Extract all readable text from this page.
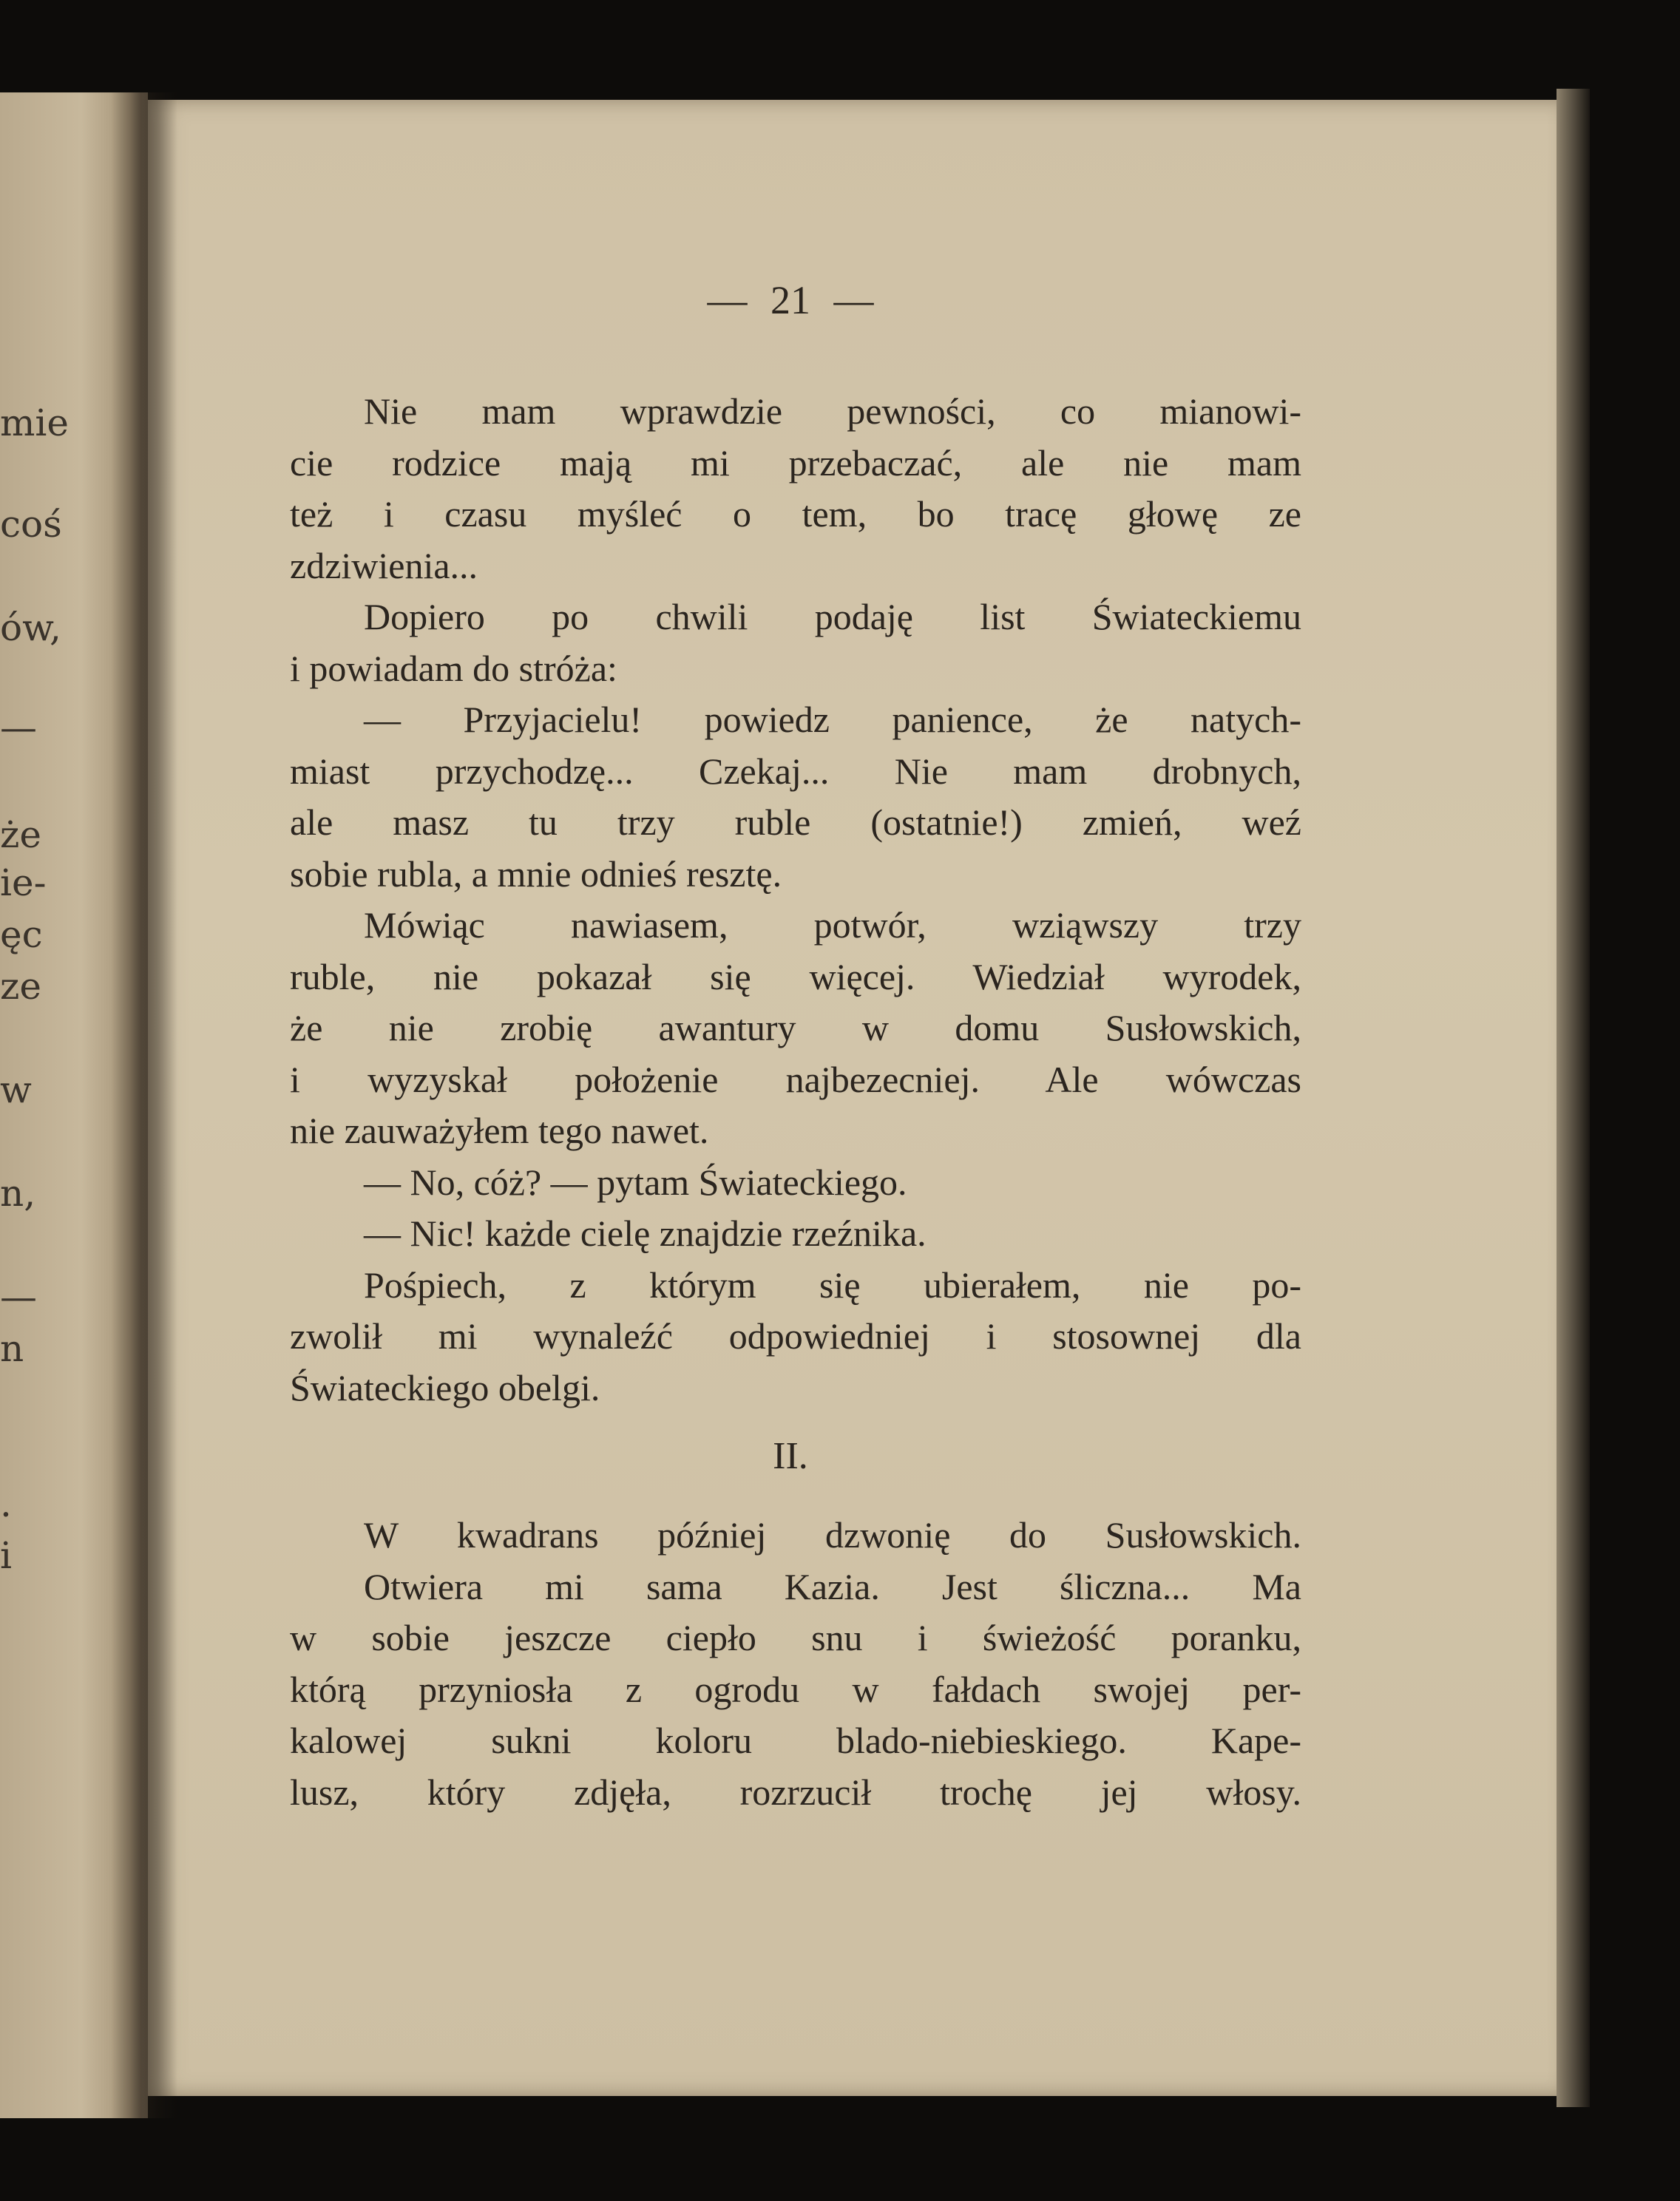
mie
coś
ów,
—
że
ie-
ęc
ze
w
n,
—
n
.
i
— 21 —
Nie mam wprawdzie pewności, co mianowi-
cie rodzice mają mi przebaczać, ale nie mam
też i czasu myśleć o tem, bo tracę głowę ze
zdziwienia...
Dopiero po chwili podaję list Świateckiemu
i powiadam do stróża:
— Przyjacielu! powiedz panience, że natych-
miast przychodzę... Czekaj... Nie mam drobnych,
ale masz tu trzy ruble (ostatnie!) zmień, weź
sobie rubla, a mnie odnieś resztę.
Mówiąc nawiasem, potwór, wziąwszy trzy
ruble, nie pokazał się więcej. Wiedział wyrodek,
że nie zrobię awantury w domu Susłowskich,
i wyzyskał położenie najbezecniej. Ale wówczas
nie zauważyłem tego nawet.
— No, cóż? — pytam Świateckiego.
— Nic! każde cielę znajdzie rzeźnika.
Pośpiech, z którym się ubierałem, nie po-
zwolił mi wynaleźć odpowiedniej i stosownej dla
Świateckiego obelgi.
II.
W kwadrans później dzwonię do Susłowskich.
Otwiera mi sama Kazia. Jest śliczna... Ma
w sobie jeszcze ciepło snu i świeżość poranku,
którą przyniosła z ogrodu w fałdach swojej per-
kalowej sukni koloru blado-niebieskiego. Kape-
lusz, który zdjęła, rozrzucił trochę jej włosy.
